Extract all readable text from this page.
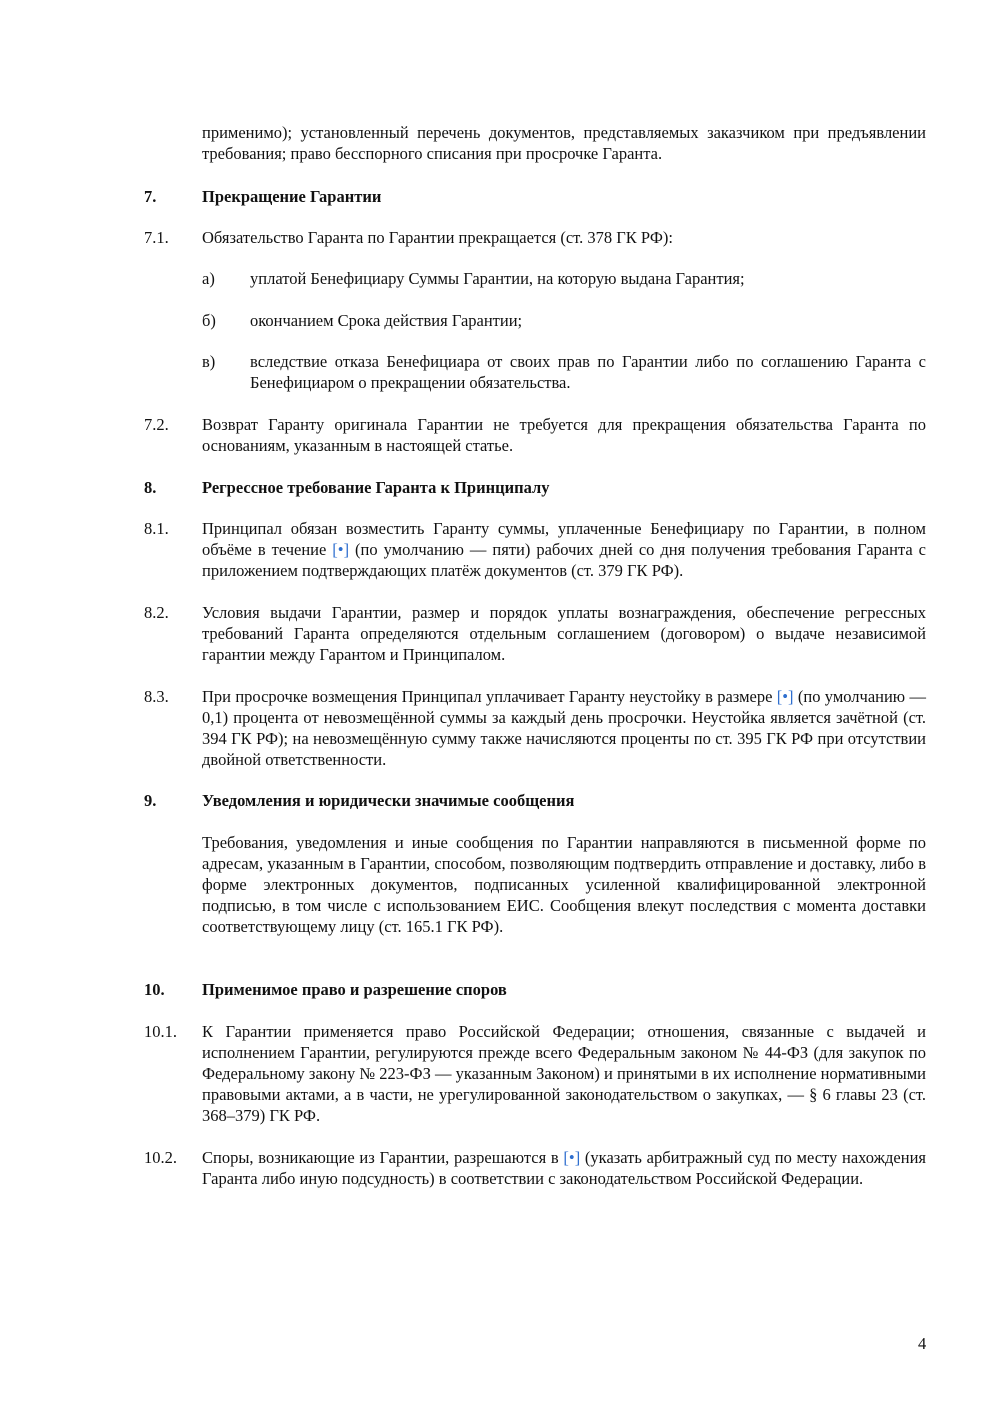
применимо); установленный перечень документов, представляемых заказчиком при предъявлении требования; право бесспорного списания при просрочке Гаранта.
7.	Прекращение Гарантии
7.1. Обязательство Гаранта по Гарантии прекращается (ст. 378 ГК РФ):
а) уплатой Бенефициару Суммы Гарантии, на которую выдана Гарантия;
б) окончанием Срока действия Гарантии;
в) вследствие отказа Бенефициара от своих прав по Гарантии либо по соглашению Гаранта с Бенефициаром о прекращении обязательства.
7.2. Возврат Гаранту оригинала Гарантии не требуется для прекращения обязательства Гаранта по основаниям, указанным в настоящей статье.
8.	Регрессное требование Гаранта к Принципалу
8.1. Принципал обязан возместить Гаранту суммы, уплаченные Бенефициару по Гарантии, в полном объёме в течение [•] (по умолчанию — пяти) рабочих дней со дня получения требования Гаранта с приложением подтверждающих платёж документов (ст. 379 ГК РФ).
8.2. Условия выдачи Гарантии, размер и порядок уплаты вознаграждения, обеспечение регрессных требований Гаранта определяются отдельным соглашением (договором) о выдаче независимой гарантии между Гарантом и Принципалом.
8.3. При просрочке возмещения Принципал уплачивает Гаранту неустойку в размере [•] (по умолчанию — 0,1) процента от невозмещённой суммы за каждый день просрочки. Неустойка является зачётной (ст. 394 ГК РФ); на невозмещённую сумму также начисляются проценты по ст. 395 ГК РФ при отсутствии двойной ответственности.
9.	Уведомления и юридически значимые сообщения
Требования, уведомления и иные сообщения по Гарантии направляются в письменной форме по адресам, указанным в Гарантии, способом, позволяющим подтвердить отправление и доставку, либо в форме электронных документов, подписанных усиленной квалифицированной электронной подписью, в том числе с использованием ЕИС. Сообщения влекут последствия с момента доставки соответствующему лицу (ст. 165.1 ГК РФ).
10. Применимое право и разрешение споров
10.1. К Гарантии применяется право Российской Федерации; отношения, связанные с выдачей и исполнением Гарантии, регулируются прежде всего Федеральным законом № 44-ФЗ (для закупок по Федеральному закону № 223-ФЗ — указанным Законом) и принятыми в их исполнение нормативными правовыми актами, а в части, не урегулированной законодательством о закупках, — § 6 главы 23 (ст. 368–379) ГК РФ.
10.2. Споры, возникающие из Гарантии, разрешаются в [•] (указать арбитражный суд по месту нахождения Гаранта либо иную подсудность) в соответствии с законодательством Российской Федерации.
4
